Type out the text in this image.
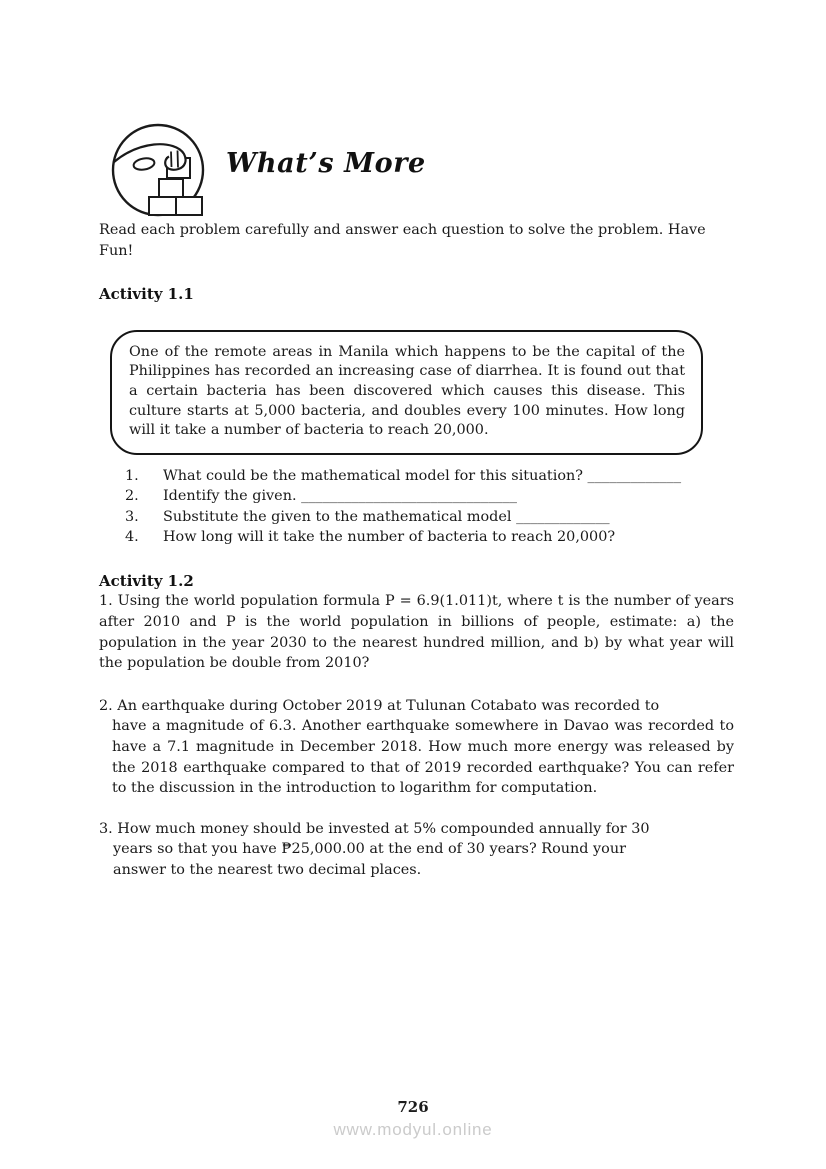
What’s More

Read each problem carefully and answer each question to solve the problem. Have
Fun!

Activity 1.1
One of the remote areas in Manila which happens to be the capital of the Philippines has recorded an increasing case of diarrhea. It is found out that a certain bacteria has been discovered which causes this disease. This culture starts at 5,000 bacteria, and doubles every 100 minutes. How long will it take a number of bacteria to reach 20,000.
1.	What could be the mathematical model for this situation? _____________
2.	Identify the given. ______________________________
3.	Substitute the given to the mathematical model _____________
4.	How long will it take the number of bacteria to reach 20,000?
Activity 1.2

1. Using the world population formula P = 6.9(1.011)t, where t is the number of years after 2010 and P is the world population in billions of people, estimate: a) the population in the year 2030 to the nearest hundred million, and b) by what year will the population be double from 2010?

2. An earthquake during October 2019 at Tulunan Cotabato was recorded to
have a magnitude of 6.3. Another earthquake somewhere in Davao was recorded to have a 7.1 magnitude in December 2018. How much more energy was released by the 2018 earthquake compared to that of 2019 recorded earthquake? You can refer to the discussion in the introduction to logarithm for computation.

3. How much money should be invested at 5% compounded annually for 30
years so that you have ₱25,000.00 at the end of 30 years? Round your
answer to the nearest two decimal places.

726
www.modyul.online
